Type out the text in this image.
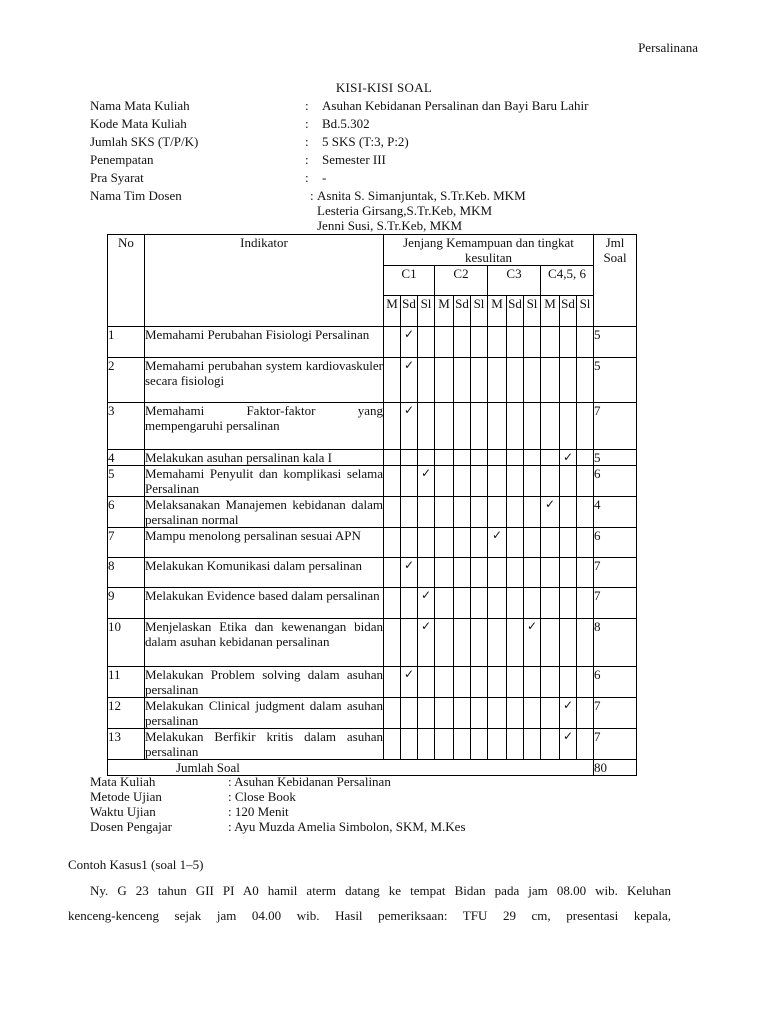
Persalinana
KISI-KISI SOAL
Nama Mata Kuliah	: Asuhan Kebidanan Persalinan dan Bayi Baru Lahir
Kode Mata Kuliah	: Bd.5.302
Jumlah SKS (T/P/K)	: 5 SKS (T:3, P:2)
Penempatan	: Semester III
Pra Syarat	: -
Nama Tim Dosen	: Asnita S. Simanjuntak, S.Tr.Keb. MKM
Lesteria Girsang,S.Tr.Keb, MKM
Jenni Susi, S.Tr.Keb, MKM
No	Indikator	Jenjang Kemampuan dan tingkat kesulitan												Jml Soal
		C1			C2			C3			C4,5, 6			
		M	Sd	Sl	M	Sd	Sl	M	Sd	Sl	M	Sd	Sl	
1	Memahami Perubahan Fisiologi Persalinan		✓											5
2	Memahami perubahan system kardiovaskuler secara fisiologi		✓											5
3	Memahami Faktor-faktor yang mempengaruhi persalinan		✓											7
4	Melakukan asuhan persalinan kala I											✓		5
5	Memahami Penyulit dan komplikasi selama Persalinan			✓										6
6	Melaksanakan Manajemen kebidanan dalam persalinan normal										✓			4
7	Mampu menolong persalinan sesuai APN							✓						6
8	Melakukan Komunikasi dalam persalinan		✓											7
9	Melakukan Evidence based dalam persalinan			✓										7
10	Menjelaskan Etika dan kewenangan bidan dalam asuhan kebidanan persalinan			✓						✓				8
11	Melakukan Problem solving dalam asuhan persalinan		✓											6
12	Melakukan Clinical judgment dalam asuhan persalinan											✓		7
13	Melakukan Berfikir kritis dalam asuhan persalinan											✓		7
Jumlah Soal														80
Mata Kuliah	: Asuhan Kebidanan Persalinan
Metode Ujian	: Close Book
Waktu Ujian	: 120 Menit
Dosen Pengajar	: Ayu Muzda Amelia Simbolon, SKM, M.Kes
Contoh Kasus1 (soal 1–5)
Ny. G 23 tahun GII PI A0 hamil aterm datang ke tempat Bidan pada jam 08.00 wib. Keluhan
kenceng-kenceng sejak jam 04.00 wib. Hasil pemeriksaan: TFU 29 cm, presentasi kepala,
